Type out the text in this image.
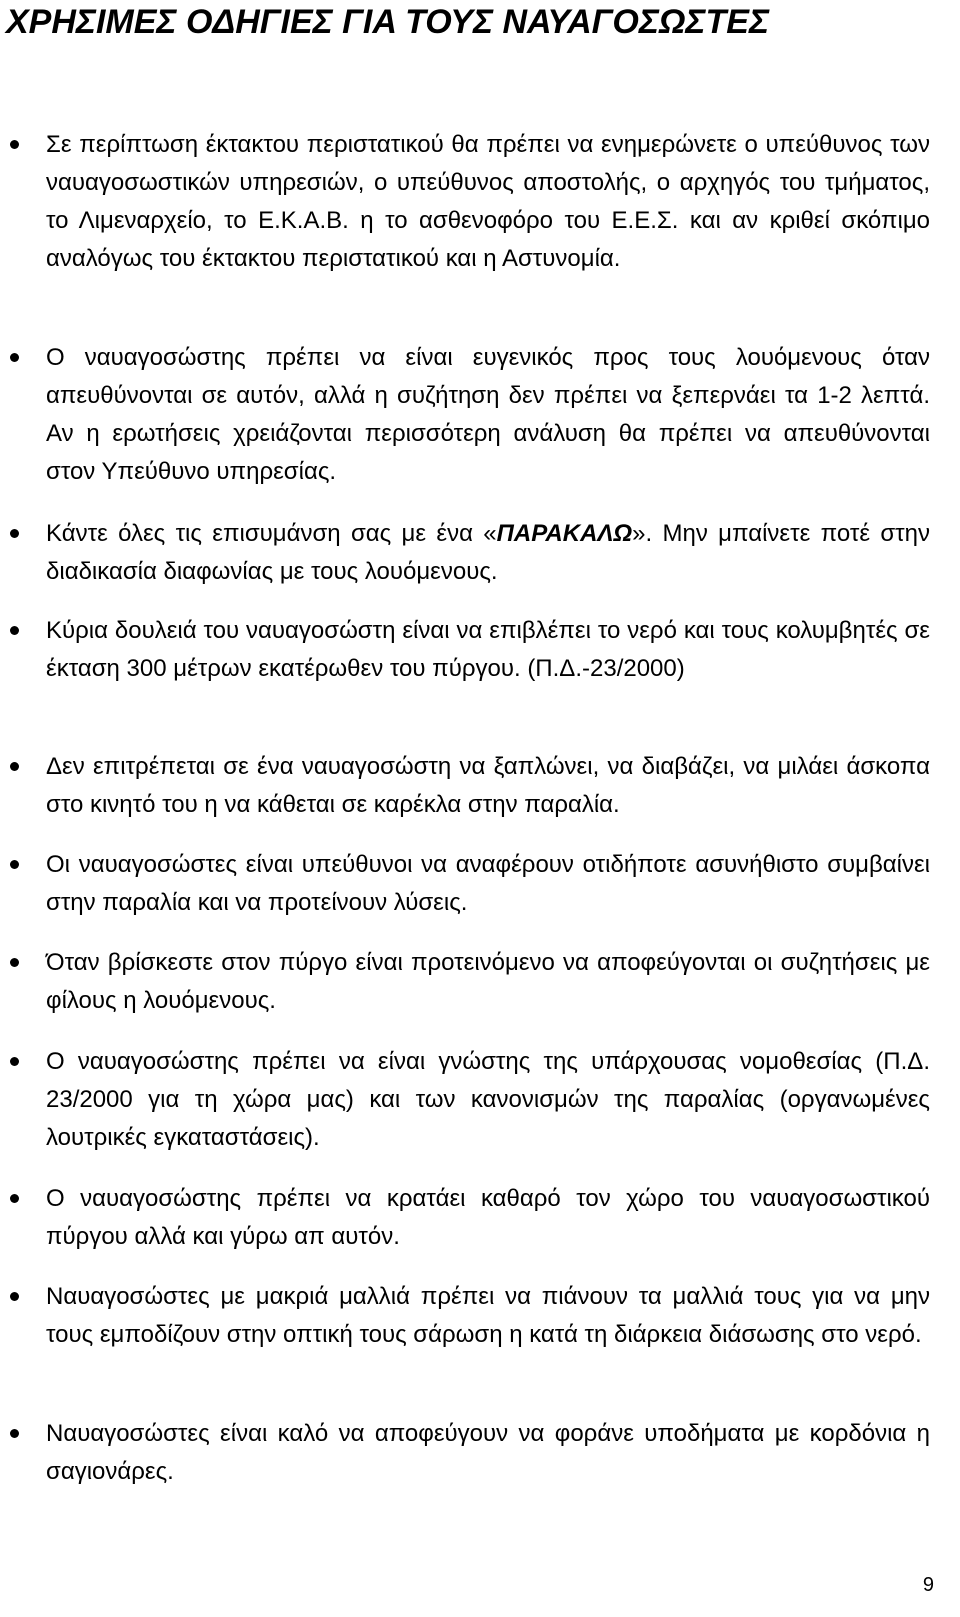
ΧΡΗΣΙΜΕΣ ΟΔΗΓΙΕΣ ΓΙΑ ΤΟΥΣ ΝΑΥΑΓΟΣΩΣΤΕΣ

Σε περίπτωση έκτακτου περιστατικού θα πρέπει να ενημερώνετε ο υπεύθυνος των ναυαγοσωστικών υπηρεσιών, ο υπεύθυνος αποστολής, ο αρχηγός του τμήματος, το Λιμεναρχείο, το Ε.Κ.Α.Β. η το ασθενοφόρο του Ε.Ε.Σ. και αν κριθεί σκόπιμο αναλόγως του έκτακτου περιστατικού και η Αστυνομία.

Ο ναυαγοσώστης πρέπει να είναι ευγενικός προς τους λουόμενους όταν απευθύνονται σε αυτόν, αλλά η συζήτηση δεν πρέπει να ξεπερνάει τα 1-2 λεπτά. Αν η ερωτήσεις χρειάζονται περισσότερη ανάλυση θα πρέπει να απευθύνονται στον Υπεύθυνο υπηρεσίας.

Κάντε όλες τις επισυμάνση σας με ένα «ΠΑΡΑΚΑΛΩ». Μην μπαίνετε ποτέ στην διαδικασία διαφωνίας με τους λουόμενους.

Κύρια δουλειά του ναυαγοσώστη είναι να επιβλέπει το νερό και τους κολυμβητές σε έκταση 300 μέτρων εκατέρωθεν του πύργου. (Π.Δ.-23/2000)

Δεν επιτρέπεται σε ένα ναυαγοσώστη να ξαπλώνει, να διαβάζει, να μιλάει άσκοπα στο κινητό του η να κάθεται σε καρέκλα στην παραλία.

Οι ναυαγοσώστες είναι υπεύθυνοι να αναφέρουν οτιδήποτε ασυνήθιστο συμβαίνει στην παραλία και να προτείνουν λύσεις.

Όταν βρίσκεστε στον πύργο είναι προτεινόμενο να αποφεύγονται οι συζητήσεις με φίλους η λουόμενους.

Ο ναυαγοσώστης πρέπει να είναι γνώστης της υπάρχουσας νομοθεσίας (Π.Δ. 23/2000 για τη χώρα μας) και των κανονισμών της παραλίας (οργανωμένες λουτρικές εγκαταστάσεις).

Ο ναυαγοσώστης πρέπει να κρατάει καθαρό τον χώρο του ναυαγοσωστικού πύργου αλλά και γύρω απ αυτόν.

Ναυαγοσώστες με μακριά μαλλιά πρέπει να πιάνουν τα μαλλιά τους για να μην τους εμποδίζουν στην οπτική τους σάρωση η κατά τη διάρκεια διάσωσης στο νερό.

Ναυαγοσώστες είναι καλό να αποφεύγουν να φοράνε υποδήματα με κορδόνια η σαγιονάρες.

9
